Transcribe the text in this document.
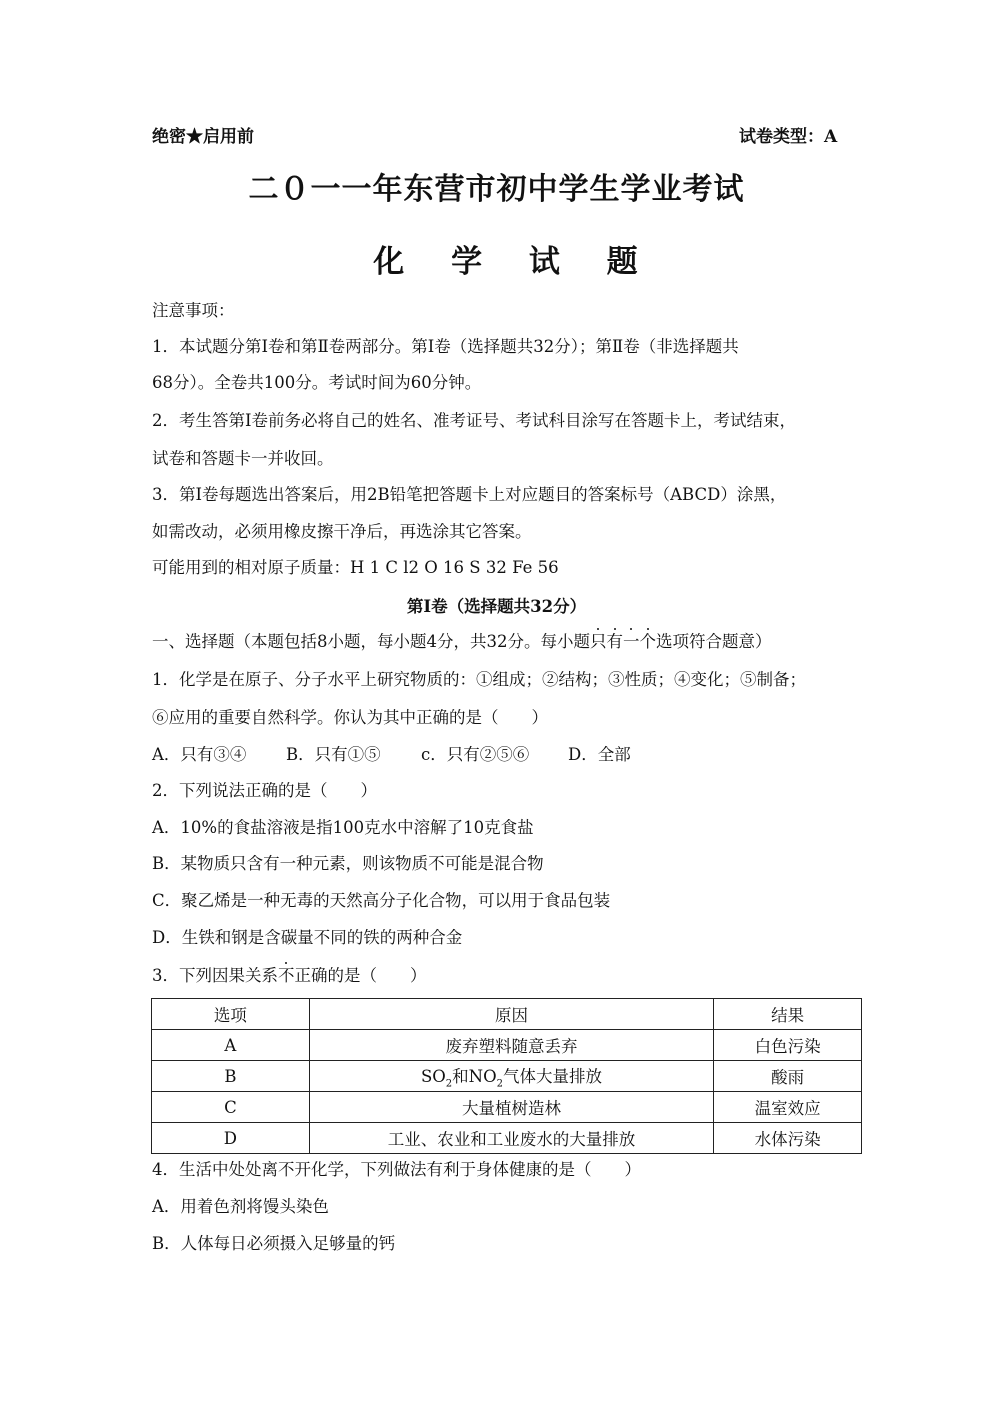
绝密★启用前	试卷类型：A
二０一一年东营市初中学生学业考试
化 学 试 题
注意事项：
1．本试题分第Ⅰ卷和第Ⅱ卷两部分。第Ⅰ卷（选择题共32分）；第Ⅱ卷（非选择题共
68分）。全卷共100分。考试时间为60分钟。
2．考生答第Ⅰ卷前务必将自己的姓名、准考证号、考试科目涂写在答题卡上，考试结束，
试卷和答题卡一并收回。
3．第Ⅰ卷每题选出答案后，用2B铅笔把答题卡上对应题目的答案标号（ABCD）涂黑，
如需改动，必须用橡皮擦干净后，再选涂其它答案。
可能用到的相对原子质量：H 1 C l2 O 16 S 32 Fe 56
第Ⅰ卷（选择题共32分）
一、选择题（本题包括8小题，每小题4分，共32分。每小题只有一个选项符合题意）
1．化学是在原子、分子水平上研究物质的：①组成；②结构；③性质；④变化；⑤制备；
⑥应用的重要自然科学。你认为其中正确的是（　　）
A．只有③④ B．只有①⑤ c．只有②⑤⑥ D．全部
2．下列说法正确的是（　　）
A．10%的食盐溶液是指100克水中溶解了10克食盐
B．某物质只含有一种元素，则该物质不可能是混合物
C．聚乙烯是一种无毒的天然高分子化合物，可以用于食品包装
D．生铁和钢是含碳量不同的铁的两种合金
3．下列因果关系不正确的是（　　）
选项	原因	结果
A	废弃塑料随意丢弃	白色污染
B	$SO_2$和$NO_2$气体大量排放	酸雨
C	大量植树造林	温室效应
D	工业、农业和工业废水的大量排放	水体污染
4．生活中处处离不开化学，下列做法有利于身体健康的是（　　）
A．用着色剂将馒头染色
B．人体每日必须摄入足够量的钙
